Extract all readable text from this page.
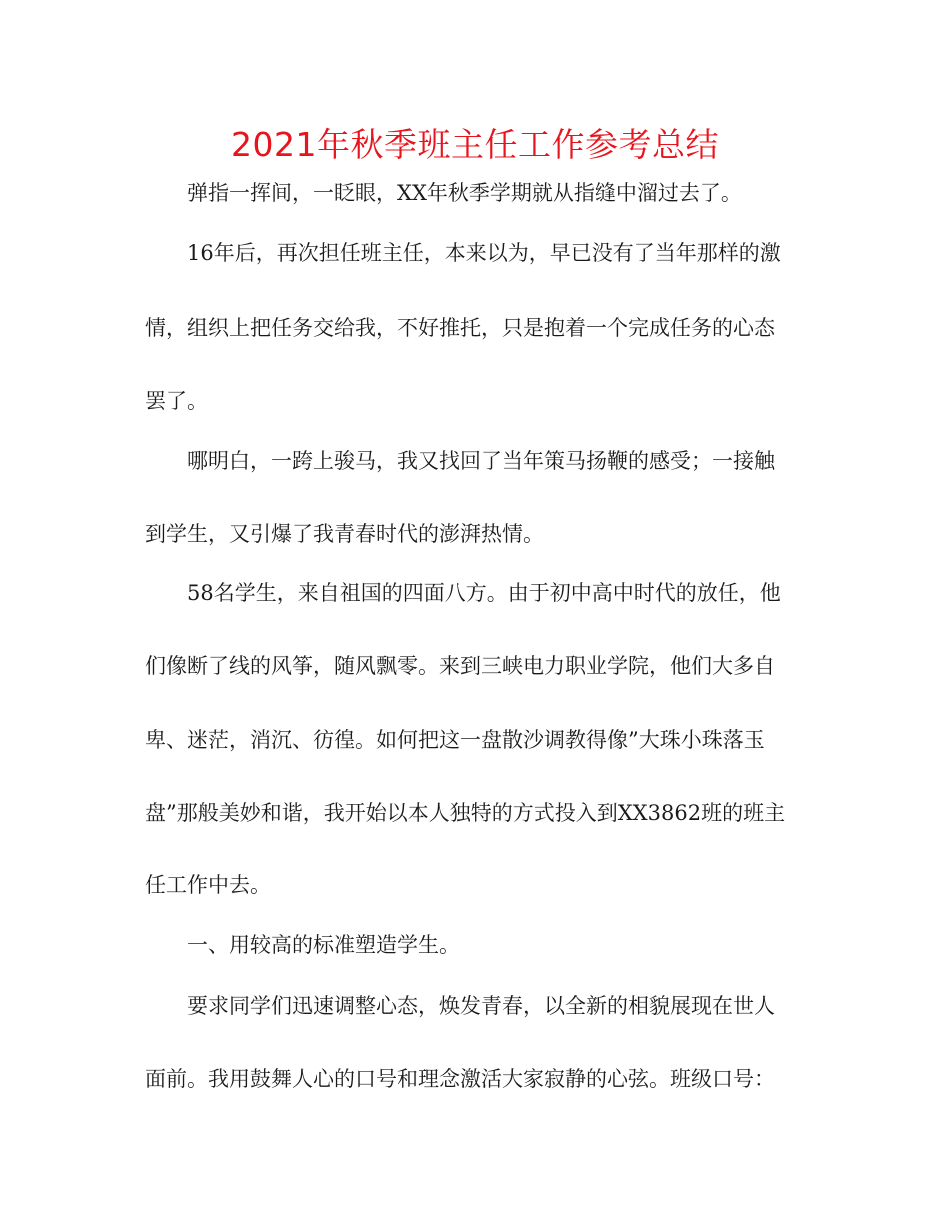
2021年秋季班主任工作参考总结
弹指一挥间，一眨眼，XX年秋季学期就从指缝中溜过去了。
16年后，再次担任班主任，本来以为，早已没有了当年那样的激
情，组织上把任务交给我，不好推托，只是抱着一个完成任务的心态
罢了。
哪明白，一跨上骏马，我又找回了当年策马扬鞭的感受；一接触
到学生，又引爆了我青春时代的澎湃热情。
58名学生，来自祖国的四面八方。由于初中高中时代的放任，他
们像断了线的风筝，随风飘零。来到三峡电力职业学院，他们大多自
卑、迷茫，消沉、彷徨。如何把这一盘散沙调教得像”大珠小珠落玉
盘”那般美妙和谐，我开始以本人独特的方式投入到XX3862班的班主
任工作中去。
一、用较高的标准塑造学生。
要求同学们迅速调整心态，焕发青春，以全新的相貌展现在世人
面前。我用鼓舞人心的口号和理念激活大家寂静的心弦。班级口号：
